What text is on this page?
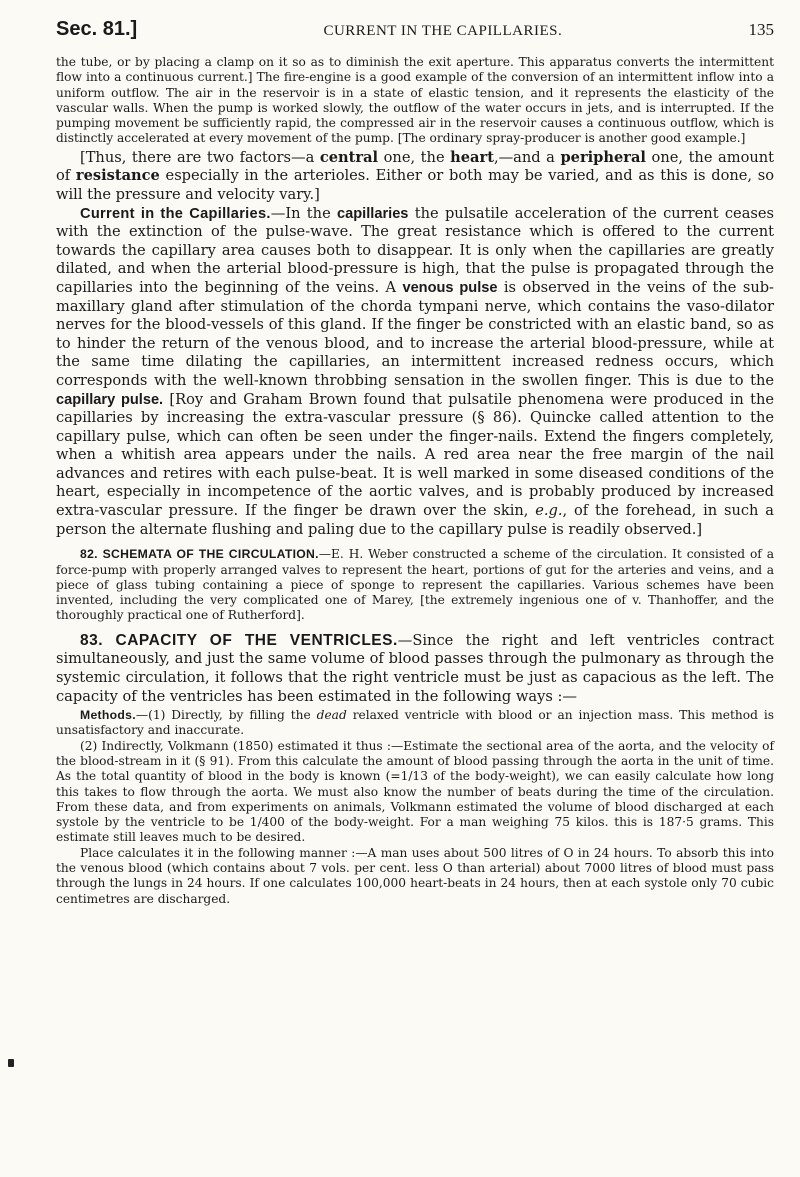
Sec. 81.]	CURRENT IN THE CAPILLARIES.	135

the tube, or by placing a clamp on it so as to diminish the exit aperture. This apparatus converts the intermittent flow into a continuous current.] The fire-engine is a good example of the conversion of an intermittent inflow into a uniform outflow. The air in the reservoir is in a state of elastic tension, and it represents the elasticity of the vascular walls. When the pump is worked slowly, the outflow of the water occurs in jets, and is interrupted. If the pumping movement be sufficiently rapid, the compressed air in the reservoir causes a continuous outflow, which is distinctly accelerated at every movement of the pump. [The ordinary spray-producer is another good example.]

[Thus, there are two factors—a central one, the heart,—and a peripheral one, the amount of resistance especially in the arterioles. Either or both may be varied, and as this is done, so will the pressure and velocity vary.]

Current in the Capillaries.—In the capillaries the pulsatile acceleration of the current ceases with the extinction of the pulse-wave. The great resistance which is offered to the current towards the capillary area causes both to disappear. It is only when the capillaries are greatly dilated, and when the arterial blood-pressure is high, that the pulse is propagated through the capillaries into the beginning of the veins. A venous pulse is observed in the veins of the sub-maxillary gland after stimulation of the chorda tympani nerve, which contains the vaso-dilator nerves for the blood-vessels of this gland. If the finger be constricted with an elastic band, so as to hinder the return of the venous blood, and to increase the arterial blood-pressure, while at the same time dilating the capillaries, an intermittent increased redness occurs, which corresponds with the well-known throbbing sensation in the swollen finger. This is due to the capillary pulse. [Roy and Graham Brown found that pulsatile phenomena were produced in the capillaries by increasing the extra-vascular pressure (§ 86). Quincke called attention to the capillary pulse, which can often be seen under the finger-nails. Extend the fingers completely, when a whitish area appears under the nails. A red area near the free margin of the nail advances and retires with each pulse-beat. It is well marked in some diseased conditions of the heart, especially in incompetence of the aortic valves, and is probably produced by increased extra-vascular pressure. If the finger be drawn over the skin, e.g., of the forehead, in such a person the alternate flushing and paling due to the capillary pulse is readily observed.]

82. SCHEMATA OF THE CIRCULATION.—E. H. Weber constructed a scheme of the circulation. It consisted of a force-pump with properly arranged valves to represent the heart, portions of gut for the arteries and veins, and a piece of glass tubing containing a piece of sponge to represent the capillaries. Various schemes have been invented, including the very complicated one of Marey, [the extremely ingenious one of v. Thanhoffer, and the thoroughly practical one of Rutherford].

83. CAPACITY OF THE VENTRICLES.—Since the right and left ventricles contract simultaneously, and just the same volume of blood passes through the pulmonary as through the systemic circulation, it follows that the right ventricle must be just as capacious as the left. The capacity of the ventricles has been estimated in the following ways :—

Methods.—(1) Directly, by filling the dead relaxed ventricle with blood or an injection mass. This method is unsatisfactory and inaccurate.

(2) Indirectly, Volkmann (1850) estimated it thus :—Estimate the sectional area of the aorta, and the velocity of the blood-stream in it (§ 91). From this calculate the amount of blood passing through the aorta in the unit of time. As the total quantity of blood in the body is known (=1/13 of the body-weight), we can easily calculate how long this takes to flow through the aorta. We must also know the number of beats during the time of the circulation. From these data, and from experiments on animals, Volkmann estimated the volume of blood discharged at each systole by the ventricle to be 1/400 of the body-weight. For a man weighing 75 kilos. this is 187·5 grams. This estimate still leaves much to be desired.

Place calculates it in the following manner :—A man uses about 500 litres of O in 24 hours. To absorb this into the venous blood (which contains about 7 vols. per cent. less O than arterial) about 7000 litres of blood must pass through the lungs in 24 hours. If one calculates 100,000 heart-beats in 24 hours, then at each systole only 70 cubic centimetres are discharged.
